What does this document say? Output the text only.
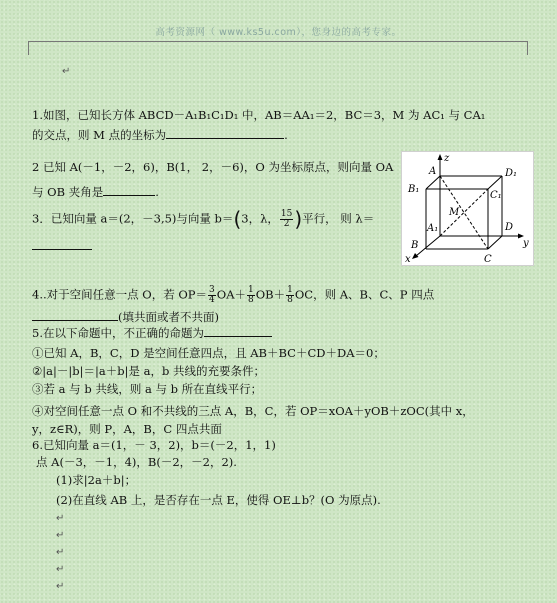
高考资源网（ www.ks5u.com），您身边的高考专家。
↵
1.如图，已知长方体 ABCD－A₁B₁C₁D₁ 中，AB＝AA₁＝2，BC＝3，M 为 AC₁ 与 CA₁
的交点，则 M 点的坐标为	.
2 已知 A(－1，－2，6)，B(1， 2，－6)，O 为坐标原点，则向量 OA
与 OB 夹角是	.
3．已知向量 a＝(2，－3,5)与向量 b＝(3，λ， $\frac{15}{2}$ )平行， 则 λ＝
4..对于空间任意一点 O，若 $OP= \frac{3}{4} OA+ \frac{1}{8} OB+ \frac{1}{8}$ OC，则 A、B、C、P 四点
(填共面或者不共面)
5.在以下命题中，不正确的命题为
①已知 A，B，C，D 是空间任意四点，且 AB＋BC＋CD＋DA＝0；
②|a|－|b|＝|a＋b|是 a，b 共线的充要条件；
③若 a 与 b 共线，则 a 与 b 所在直线平行；
④对空间任意一点 O 和不共线的三点 A，B，C，若 OP＝xOA＋yOB＋zOC(其中 x，
y，z∈R)，则 P，A，B，C 四点共面
6.已知向量 a＝(1，－ 3，2)，b＝(－2，1，1)
点 A(－3，－1，4)，B(－2，－2，2).
(1)求|2a＋b|；
(2)在直线 AB 上，是否存在一点 E，使得 OE⊥b？(O 为原点).
↵
↵
↵
↵
↵
z
A	D₁
B₁
C₁
M
A₁	D
y
B
x	C
